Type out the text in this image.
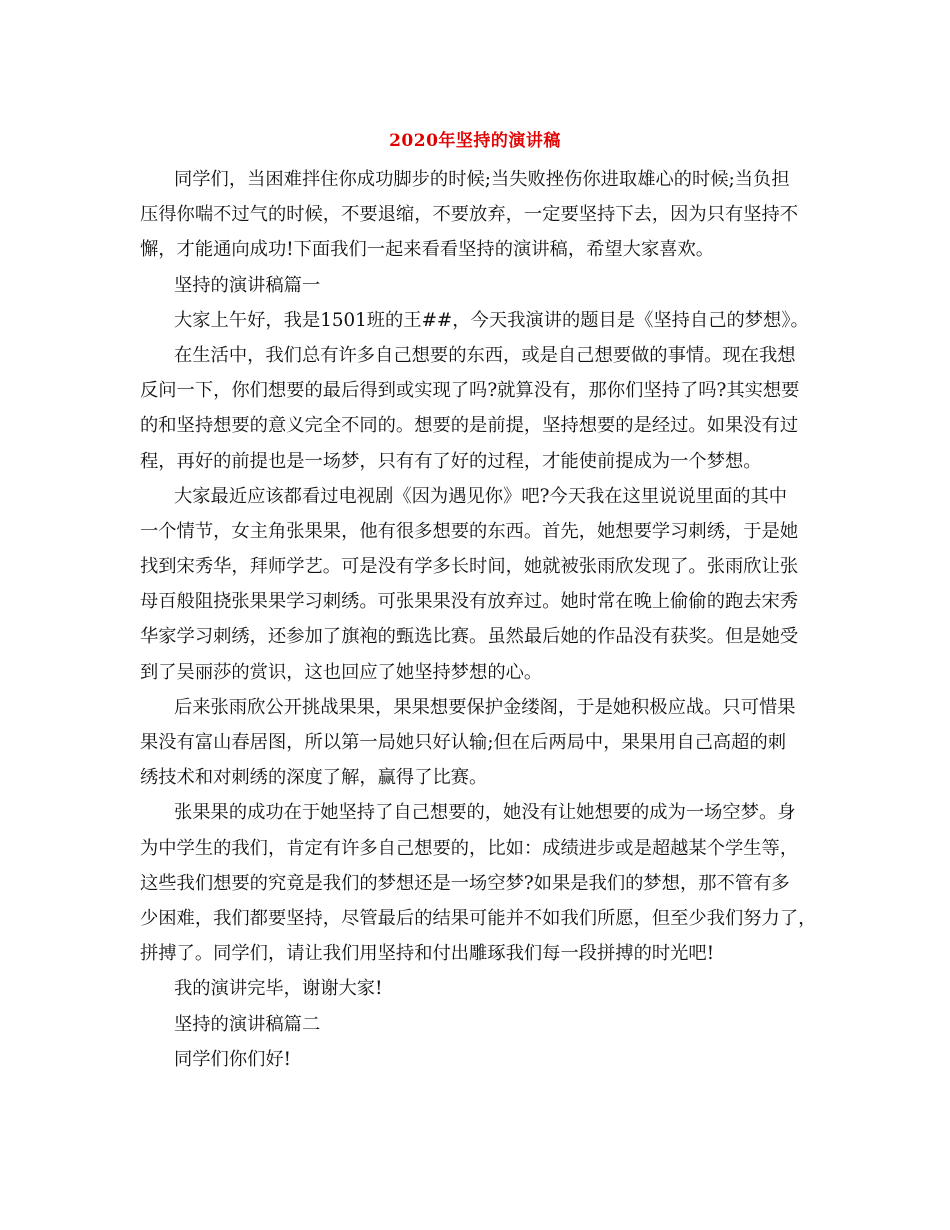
2020年坚持的演讲稿
同学们，当困难拌住你成功脚步的时候;当失败挫伤你进取雄心的时候;当负担
压得你喘不过气的时候，不要退缩，不要放弃，一定要坚持下去，因为只有坚持不
懈，才能通向成功!下面我们一起来看看坚持的演讲稿，希望大家喜欢。
坚持的演讲稿篇一
大家上午好，我是1501班的王##，今天我演讲的题目是《坚持自己的梦想》。
在生活中，我们总有许多自己想要的东西，或是自己想要做的事情。现在我想
反问一下，你们想要的最后得到或实现了吗?就算没有，那你们坚持了吗?其实想要
的和坚持想要的意义完全不同的。想要的是前提，坚持想要的是经过。如果没有过
程，再好的前提也是一场梦，只有有了好的过程，才能使前提成为一个梦想。
大家最近应该都看过电视剧《因为遇见你》吧?今天我在这里说说里面的其中
一个情节，女主角张果果，他有很多想要的东西。首先，她想要学习刺绣，于是她
找到宋秀华，拜师学艺。可是没有学多长时间，她就被张雨欣发现了。张雨欣让张
母百般阻挠张果果学习刺绣。可张果果没有放弃过。她时常在晚上偷偷的跑去宋秀
华家学习刺绣，还参加了旗袍的甄选比赛。虽然最后她的作品没有获奖。但是她受
到了吴丽莎的赏识，这也回应了她坚持梦想的心。
后来张雨欣公开挑战果果，果果想要保护金缕阁，于是她积极应战。只可惜果
果没有富山春居图，所以第一局她只好认输;但在后两局中，果果用自己高超的刺
绣技术和对刺绣的深度了解，赢得了比赛。
张果果的成功在于她坚持了自己想要的，她没有让她想要的成为一场空梦。身
为中学生的我们，肯定有许多自己想要的，比如：成绩进步或是超越某个学生等，
这些我们想要的究竟是我们的梦想还是一场空梦?如果是我们的梦想，那不管有多
少困难，我们都要坚持，尽管最后的结果可能并不如我们所愿，但至少我们努力了，
拼搏了。同学们，请让我们用坚持和付出雕琢我们每一段拼搏的时光吧!
我的演讲完毕，谢谢大家!
坚持的演讲稿篇二
同学们你们好!
